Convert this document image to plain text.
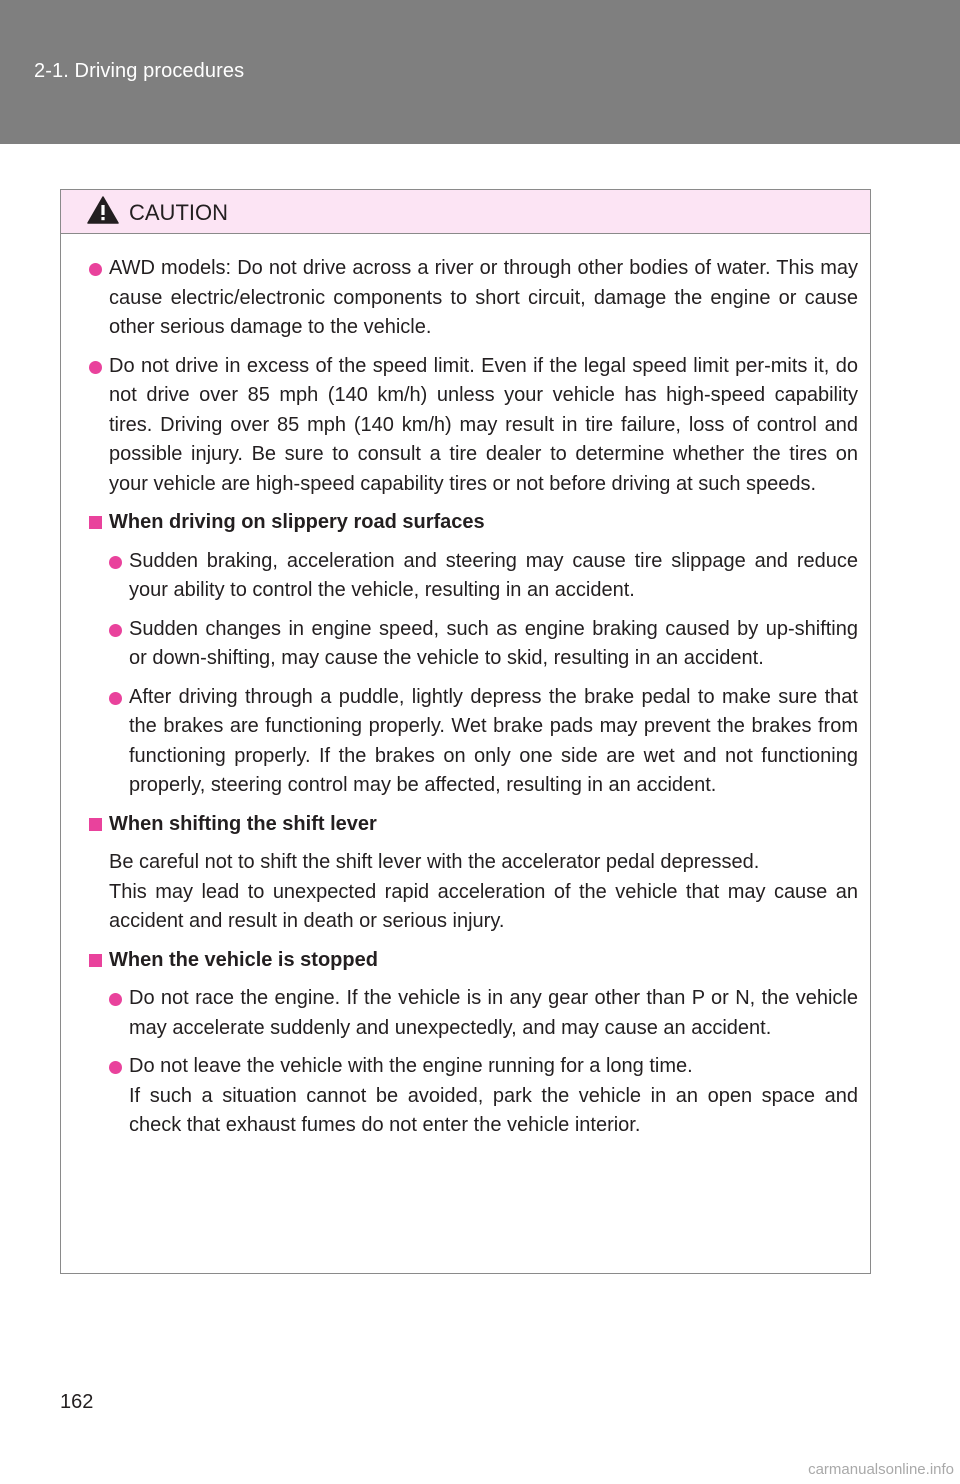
2-1. Driving procedures
CAUTION
AWD models: Do not drive across a river or through other bodies of water. This may cause electric/electronic components to short circuit, damage the engine or cause other serious damage to the vehicle.
Do not drive in excess of the speed limit. Even if the legal speed limit per-mits it, do not drive over 85 mph (140 km/h) unless your vehicle has high-speed capability tires. Driving over 85 mph (140 km/h) may result in tire failure, loss of control and possible injury. Be sure to consult a tire dealer to determine whether the tires on your vehicle are high-speed capability tires or not before driving at such speeds.
When driving on slippery road surfaces
Sudden braking, acceleration and steering may cause tire slippage and reduce your ability to control the vehicle, resulting in an accident.
Sudden changes in engine speed, such as engine braking caused by up-shifting or down-shifting, may cause the vehicle to skid, resulting in an accident.
After driving through a puddle, lightly depress the brake pedal to make sure that the brakes are functioning properly. Wet brake pads may prevent the brakes from functioning properly. If the brakes on only one side are wet and not functioning properly, steering control may be affected, resulting in an accident.
When shifting the shift lever
Be careful not to shift the shift lever with the accelerator pedal depressed.
This may lead to unexpected rapid acceleration of the vehicle that may cause an accident and result in death or serious injury.
When the vehicle is stopped
Do not race the engine. If the vehicle is in any gear other than P or N, the vehicle may accelerate suddenly and unexpectedly, and may cause an accident.
Do not leave the vehicle with the engine running for a long time.
If such a situation cannot be avoided, park the vehicle in an open space and check that exhaust fumes do not enter the vehicle interior.
162
carmanualsonline.info
